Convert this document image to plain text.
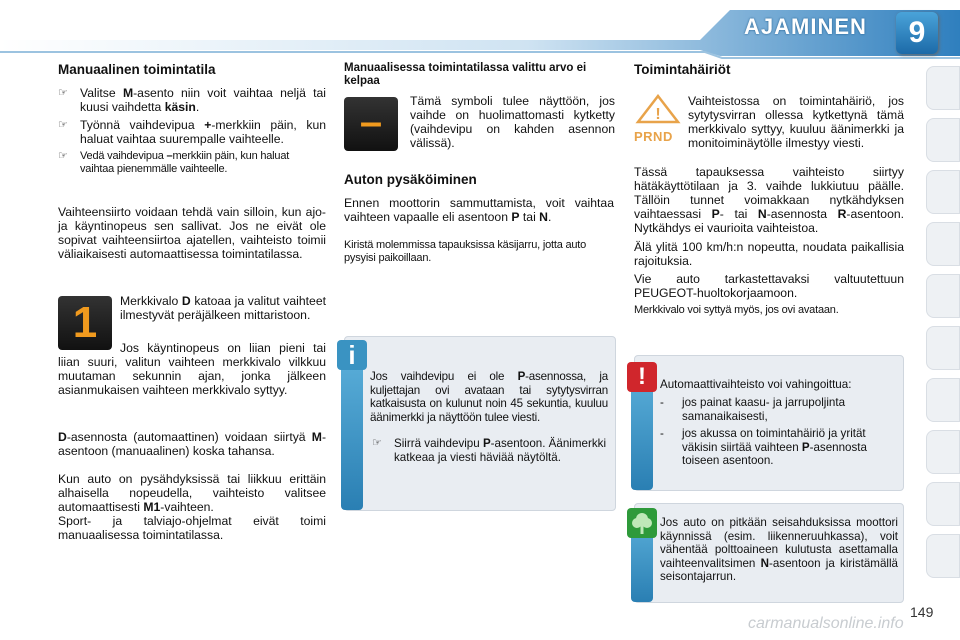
AJAMINEN	9
Manuaalinen toimintatila
☞ Valitse M-asento niin voit vaihtaa neljä tai kuusi vaihdetta käsin.
☞ Työnnä vaihdevipua +-merkkiin päin, kun haluat vaihtaa suurempalle vaihteelle.
☞ Vedä vaihdevipua –merkkiin päin, kun haluat vaihtaa pienemmälle vaihteelle.
Vaihteensiirto voidaan tehdä vain silloin, kun ajo- ja käyntinopeus sen sallivat. Jos ne eivät ole sopivat vaihteensiirtoa ajatellen, vaihteisto toimii väliaikaisesti automaattisessa toimintatilassa.
1	Merkkivalo D katoaa ja valitut vaihteet ilmestyvät peräjälkeen mittaristoon.
Jos käyntinopeus on liian pieni tai liian suuri, valitun vaihteen merkkivalo vilkkuu muutaman sekunnin ajan, jonka jälkeen asianmukaisen vaihteen merkkivalo syttyy.
D-asennosta (automaattinen) voidaan siirtyä M-asentoon (manuaalinen) koska tahansa.
Kun auto on pysähdyksissä tai liikkuu erittäin alhaisella nopeudella, vaihteisto valitsee automaattisesti M1-vaihteen.
Sport- ja talviajo-ohjelmat eivät toimi manuaalisessa toimintatilassa.
Manuaalisessa toimintatilassa valittu arvo ei kelpaa
–	Tämä symboli tulee näyttöön, jos vaihde on huolimattomasti kytketty (vaihdevipu on kahden asennon välissä).
Auton pysäköiminen
Ennen moottorin sammuttamista, voit vaihtaa vaihteen vapaalle eli asentoon P tai N.
Kiristä molemmissa tapauksissa käsijarru, jotta auto pysyisi paikoillaan.
i
Jos vaihdevipu ei ole P-asennossa, ja kuljettajan ovi avataan tai sytytysvirran katkaisusta on kulunut noin 45 sekuntia, kuuluu äänimerkki ja näyttöön tulee viesti.
☞ Siirrä vaihdevipu P-asentoon. Äänimerkki katkeaa ja viesti häviää näytöltä.
Toimintahäiriöt
!
PRND
Vaihteistossa on toimintahäiriö, jos sytytysvirran ollessa kytkettynä tämä merkkivalo syttyy, kuuluu äänimerkki ja monitoiminäytölle ilmestyy viesti.
Tässä tapauksessa vaihteisto siirtyy hätäkäyttötilaan ja 3. vaihde lukkiutuu päälle. Tällöin tunnet voimakkaan nytkähdyksen vaihtaessasi P- tai N-asennosta R-asentoon. Nytkähdys ei vaurioita vaihteistoa.
Älä ylitä 100 km/h:n nopeutta, noudata paikallisia rajoituksia.
Vie auto tarkastettavaksi valtuutettuun PEUGEOT-huoltokorjaamoon.
Merkkivalo voi syttyä myös, jos ovi avataan.
!	Automaattivaihteisto voi vahingoittua:
- jos painat kaasu- ja jarrupoljinta samanaikaisesti,
- jos akussa on toimintahäiriö ja yrität väkisin siirtää vaihteen P-asennosta toiseen asentoon.
Jos auto on pitkään seisahduksissa moottori käynnissä (esim. liikenneruuhkassa), voit vähentää polttoaineen kulutusta asettamalla vaihteenvalitsimen N-asentoon ja kiristämällä seisontajarrun.
149
carmanualsonline.info
